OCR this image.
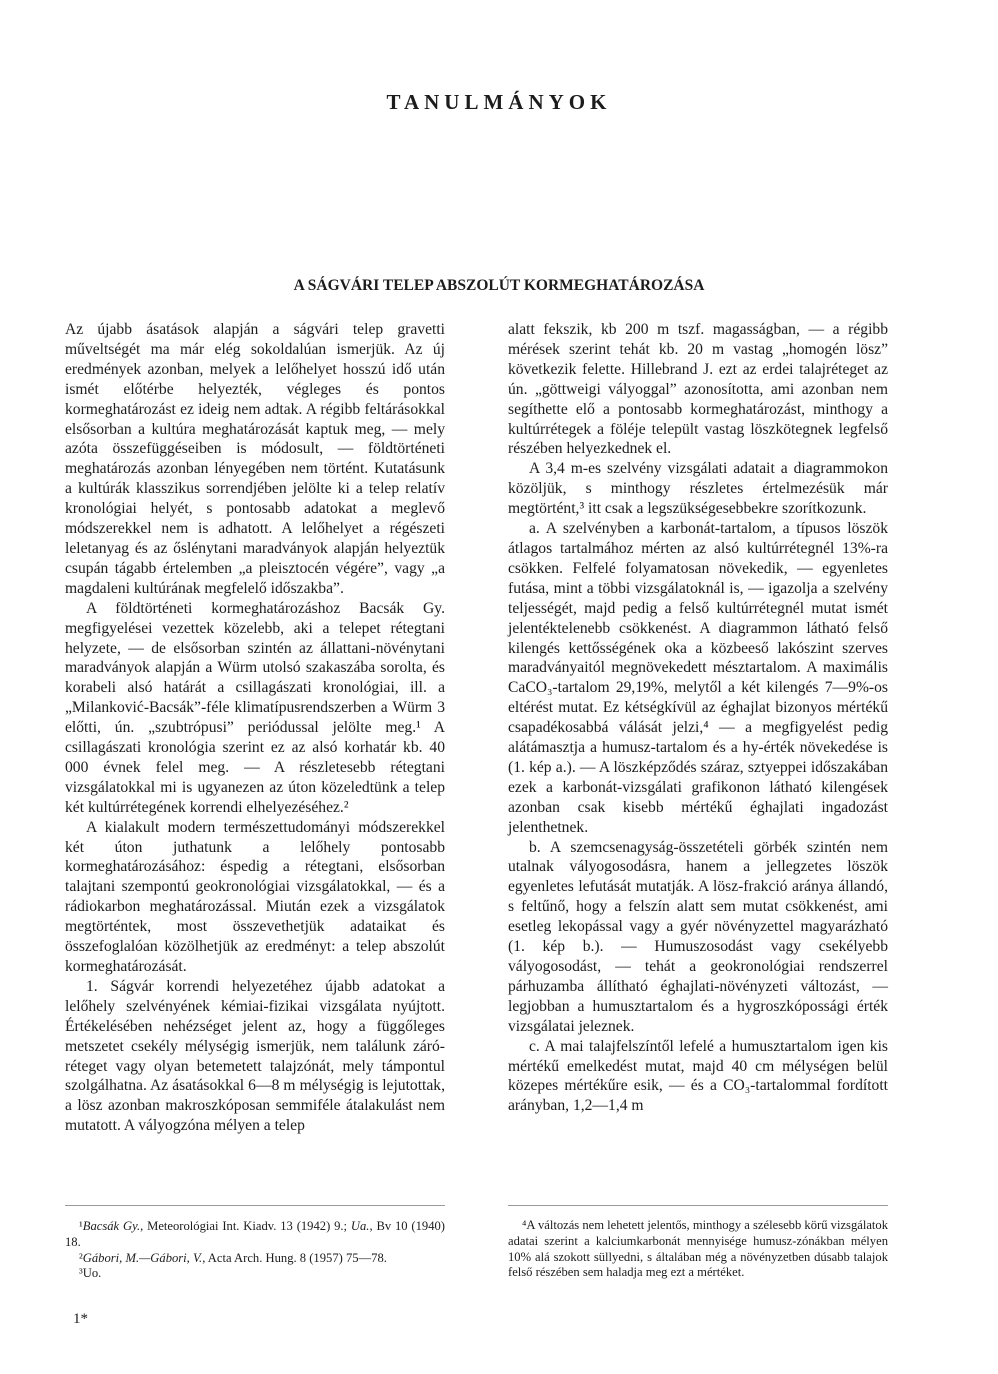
TANULMÁNYOK
A SÁGVÁRI TELEP ABSZOLÚT KORMEGHATÁROZÁSA

Az újabb ásatások alapján a ságvári telep gravetti műveltségét ma már elég sokoldalúan ismerjük. Az új eredmények azonban, melyek a lelőhelyet hosszú idő után ismét előtérbe helyezték, végleges és pontos kormeghatározást ez ideig nem adtak. A régibb feltárásokkal elsősorban a kultúra meghatározását kaptuk meg, — mely azóta összefüggéseiben is módosult, — földtörténeti meghatározás azonban lényegében nem történt. Kutatásunk a kultúrák klasszikus sorrendjében jelölte ki a telep relatív kronológiai helyét, s pontosabb adatokat a meglevő módszerekkel nem is adhatott. A lelőhelyet a régészeti leletanyag és az őslénytani maradványok alapján helyeztük csupán tágabb értelemben „a pleisztocén végére”, vagy „a magdaleni kultúrának megfelelő időszakba”.

A földtörténeti kormeghatározáshoz Bacsák Gy. megfigyelései vezettek közelebb, aki a telepet rétegtani helyzete, — de elsősorban szintén az állattani-növénytani maradványok alapján a Würm utolsó szakaszába sorolta, és korabeli alsó határát a csillagászati kronológiai, ill. a „Milanković-Bacsák”-féle klimatípusrendszerben a Würm 3 előtti, ún. „szubtrópusi” periódussal jelölte meg.¹ A csillagászati kronológia szerint ez az alsó korhatár kb. 40 000 évnek felel meg. — A részletesebb rétegtani vizsgálatokkal mi is ugyanezen az úton közeledtünk a telep két kultúrrétegének korrendi elhelyezéséhez.²

A kialakult modern természettudományi módszerekkel két úton juthatunk a lelőhely pontosabb kormeghatározásához: éspedig a rétegtani, elsősorban talajtani szempontú geokronológiai vizsgálatokkal, — és a rádiokarbon meghatározással. Miután ezek a vizsgálatok megtörténtek, most összevethetjük adataikat és összefoglalóan közölhetjük az eredményt: a telep abszolút kormeghatározását.

1. Ságvár korrendi helyezetéhez újabb adatokat a lelőhely szelvényének kémiai-fizikai vizsgálata nyújtott. Értékelésében nehézséget jelent az, hogy a függőleges metszetet csekély mélységig ismerjük, nem találunk záró-réteget vagy olyan betemetett talajzónát, mely támpontul szolgálhatna. Az ásatásokkal 6—8 m mélységig is lejutottak, a lösz azonban makroszkóposan semmiféle átalakulást nem mutatott. A vályogzóna mélyen a telep

alatt fekszik, kb 200 m tszf. magasságban, — a régibb mérések szerint tehát kb. 20 m vastag „homogén lösz” következik felette. Hillebrand J. ezt az erdei talajréteget az ún. „göttweigi vályoggal” azonosította, ami azonban nem segíthette elő a pontosabb kormeghatározást, minthogy a kultúrrétegek a föléje települt vastag löszkötegnek legfelső részében helyezkednek el.

A 3,4 m-es szelvény vizsgálati adatait a diagrammokon közöljük, s minthogy részletes értelmezésük már megtörtént,³ itt csak a legszükségesebbekre szorítkozunk.

a. A szelvényben a karbonát-tartalom, a típusos löszök átlagos tartalmához mérten az alsó kultúrrétegnél 13%-ra csökken. Felfelé folyamatosan növekedik, — egyenletes futása, mint a többi vizsgálatoknál is, — igazolja a szelvény teljességét, majd pedig a felső kultúrrétegnél mutat ismét jelentéktelenebb csökkenést. A diagrammon látható felső kilengés kettősségének oka a közbeeső lakószint szerves maradványaitól megnövekedett mésztartalom. A maximális CaCO₃-tartalom 29,19%, melytől a két kilengés 7—9%-os eltérést mutat. Ez kétségkívül az éghajlat bizonyos mértékű csapadékosabbá válását jelzi,⁴ — a megfigyelést pedig alátámasztja a humusz-tartalom és a hy-érték növekedése is (1. kép a.). — A löszképződés száraz, sztyeppei időszakában ezek a karbonát-vizsgálati grafikonon látható kilengések azonban csak kisebb mértékű éghajlati ingadozást jelenthetnek.

b. A szemcsenagyság-összetételi görbék szintén nem utalnak vályogosodásra, hanem a jellegzetes löszök egyenletes lefutását mutatják. A lösz-frakció aránya állandó, s feltűnő, hogy a felszín alatt sem mutat csökkenést, ami esetleg lekopással vagy a gyér növényzettel magyarázható (1. kép b.). — Humuszosodást vagy csekélyebb vályogosodást, — tehát a geokronológiai rendszerrel párhuzamba állítható éghajlati-növényzeti változást, — legjobban a humusztartalom és a hygroszkópossági érték vizsgálatai jeleznek.

c. A mai talajfelszíntől lefelé a humusztartalom igen kis mértékű emelkedést mutat, majd 40 cm mélységen belül közepes mértékűre esik, — és a CO₃-tartalommal fordított arányban, 1,2—1,4 m

¹Bacsák Gy., Meteorológiai Int. Kiadv. 13 (1942) 9.; Ua., Bv 10 (1940) 18.

²Gábori, M.—Gábori, V., Acta Arch. Hung. 8 (1957) 75—78.

³Uo.

⁴A változás nem lehetett jelentős, minthogy a szélesebb körű vizsgálatok adatai szerint a kalciumkarbonát mennyisége humusz-zónákban mélyen 10% alá szokott süllyedni, s általában még a növényzetben dúsabb talajok felső részében sem haladja meg ezt a mértéket.

1*
